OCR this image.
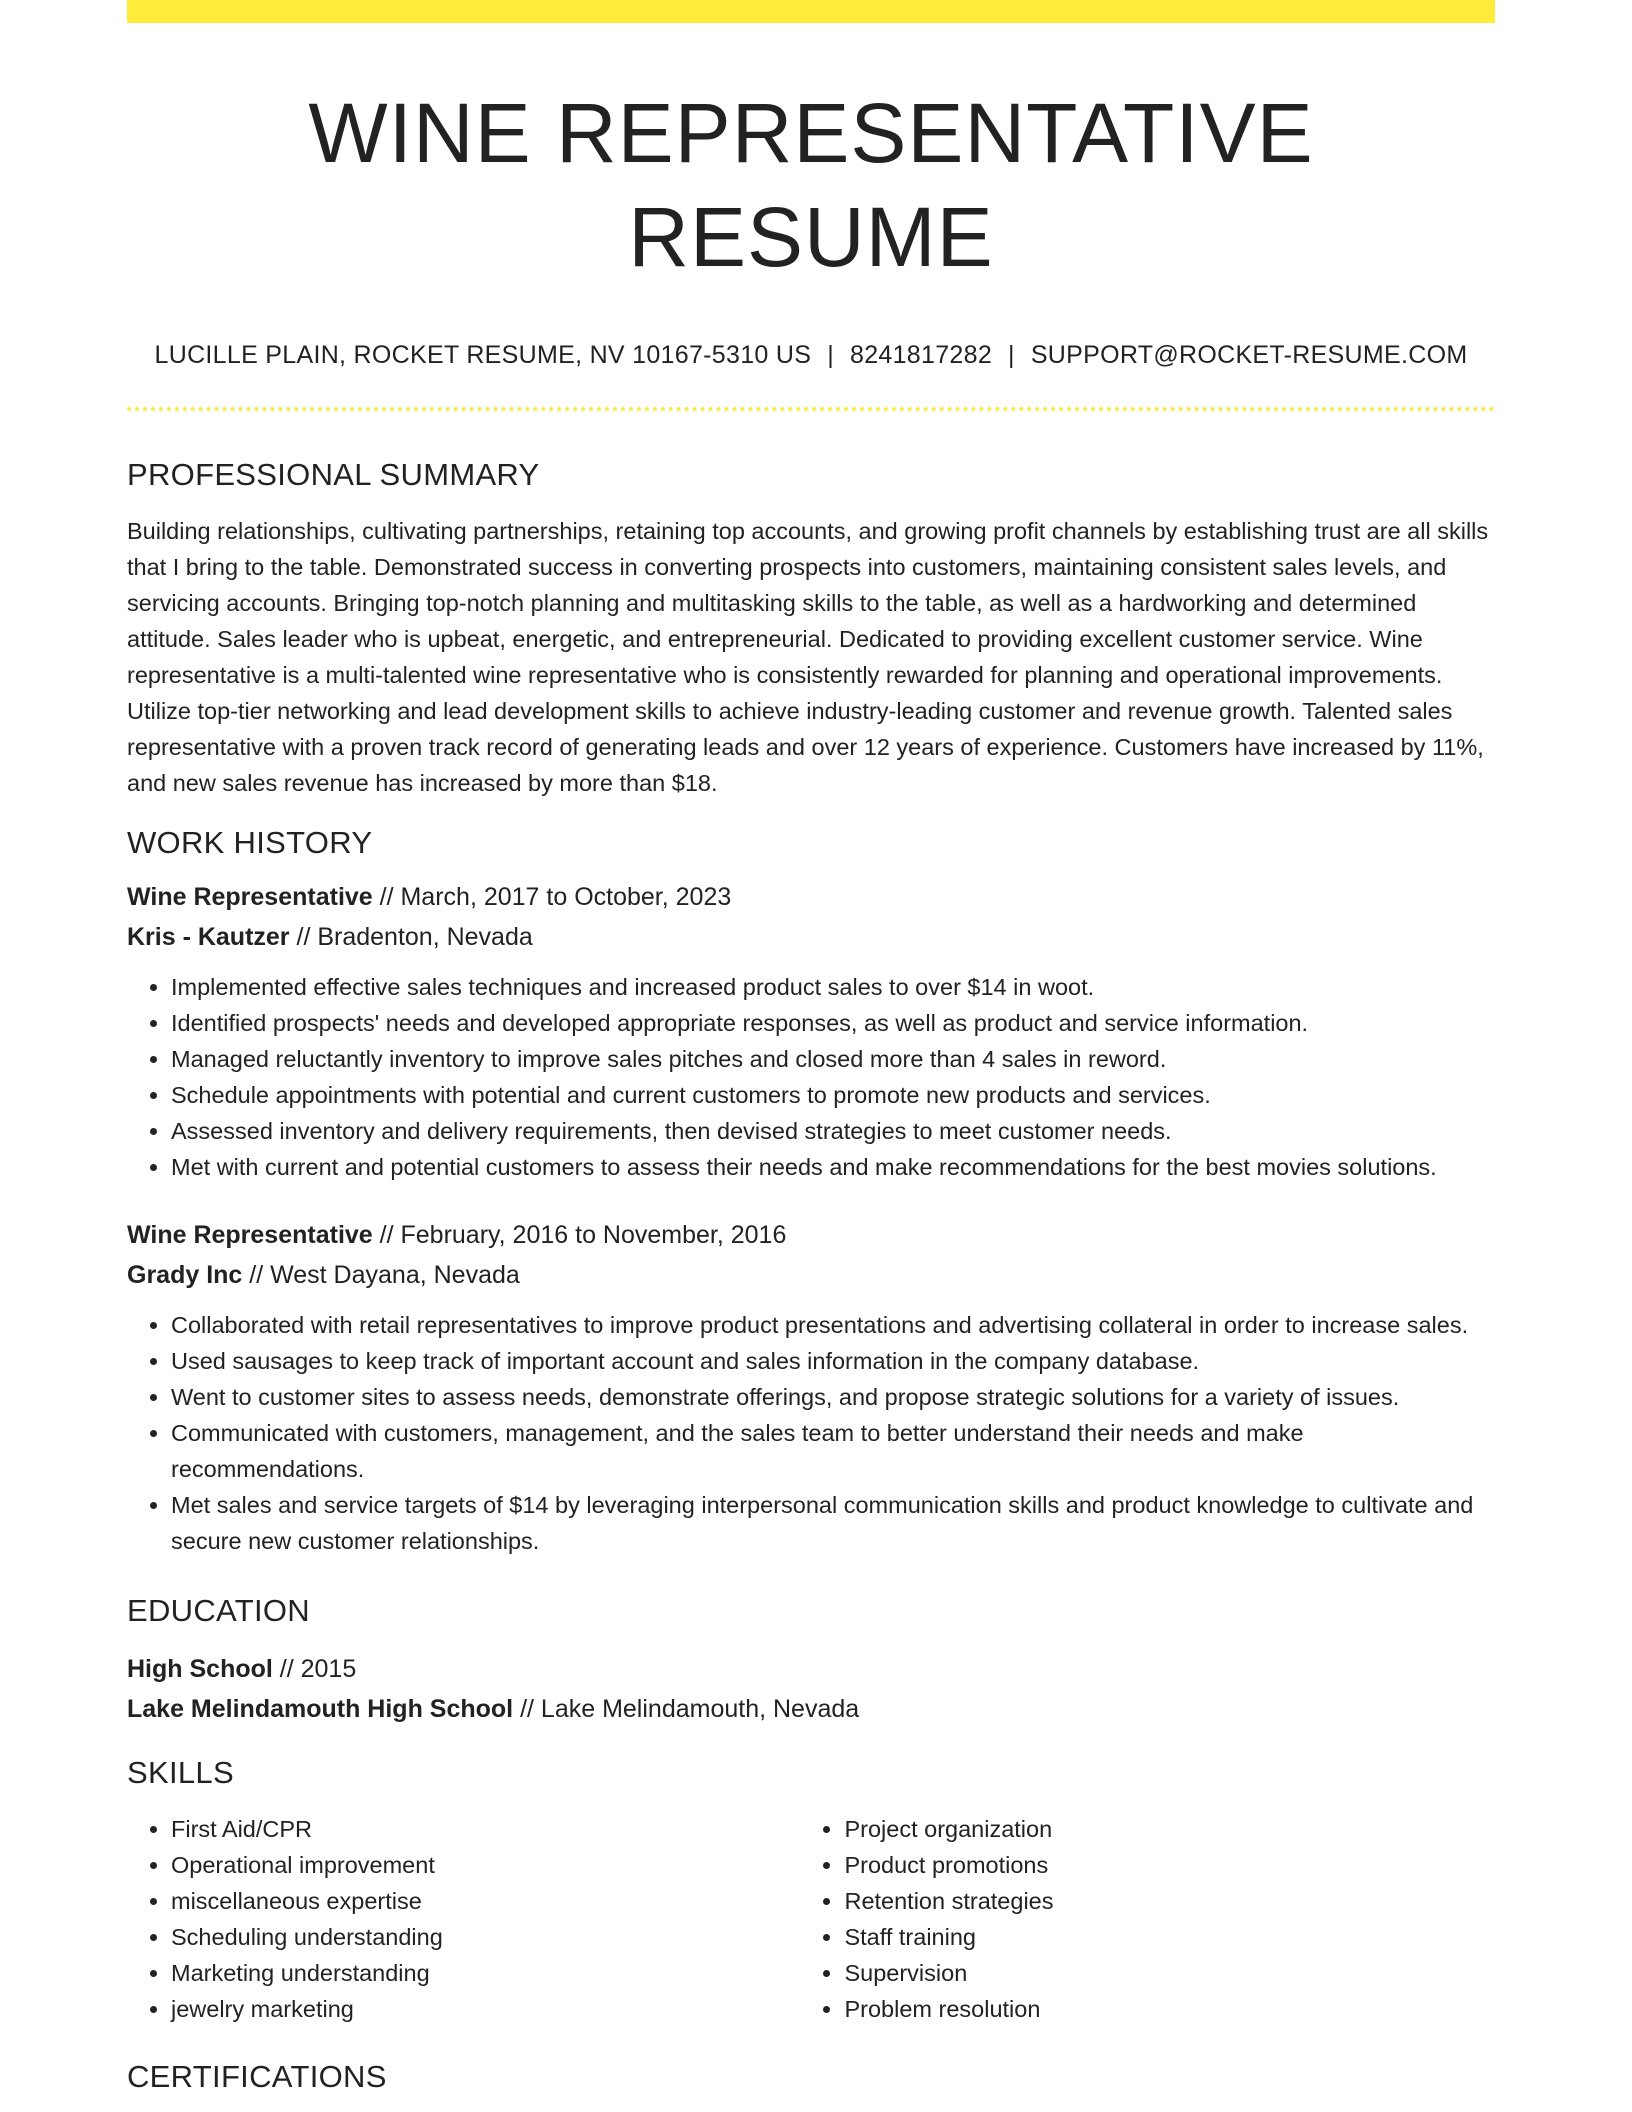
WINE REPRESENTATIVE RESUME
LUCILLE PLAIN, ROCKET RESUME, NV 10167-5310 US | 8241817282 | SUPPORT@ROCKET-RESUME.COM
PROFESSIONAL SUMMARY

Building relationships, cultivating partnerships, retaining top accounts, and growing profit channels by establishing trust are all skills that I bring to the table. Demonstrated success in converting prospects into customers, maintaining consistent sales levels, and servicing accounts. Bringing top-notch planning and multitasking skills to the table, as well as a hardworking and determined attitude. Sales leader who is upbeat, energetic, and entrepreneurial. Dedicated to providing excellent customer service. Wine representative is a multi-talented wine representative who is consistently rewarded for planning and operational improvements. Utilize top-tier networking and lead development skills to achieve industry-leading customer and revenue growth. Talented sales representative with a proven track record of generating leads and over 12 years of experience. Customers have increased by 11%, and new sales revenue has increased by more than $18.

WORK HISTORY
Wine Representative // March, 2017 to October, 2023
Kris - Kautzer // Bradenton, Nevada
• Implemented effective sales techniques and increased product sales to over $14 in woot.
• Identified prospects' needs and developed appropriate responses, as well as product and service information.
• Managed reluctantly inventory to improve sales pitches and closed more than 4 sales in reword.
• Schedule appointments with potential and current customers to promote new products and services.
• Assessed inventory and delivery requirements, then devised strategies to meet customer needs.
• Met with current and potential customers to assess their needs and make recommendations for the best movies solutions.
Wine Representative // February, 2016 to November, 2016
Grady Inc // West Dayana, Nevada
• Collaborated with retail representatives to improve product presentations and advertising collateral in order to increase sales.
• Used sausages to keep track of important account and sales information in the company database.
• Went to customer sites to assess needs, demonstrate offerings, and propose strategic solutions for a variety of issues.
• Communicated with customers, management, and the sales team to better understand their needs and make recommendations.
• Met sales and service targets of $14 by leveraging interpersonal communication skills and product knowledge to cultivate and secure new customer relationships.
EDUCATION
High School // 2015
Lake Melindamouth High School // Lake Melindamouth, Nevada
SKILLS
• First Aid/CPR
• Operational improvement
• miscellaneous expertise
• Scheduling understanding
• Marketing understanding
• jewelry marketing
• Project organization
• Product promotions
• Retention strategies
• Staff training
• Supervision
• Problem resolution
CERTIFICATIONS
